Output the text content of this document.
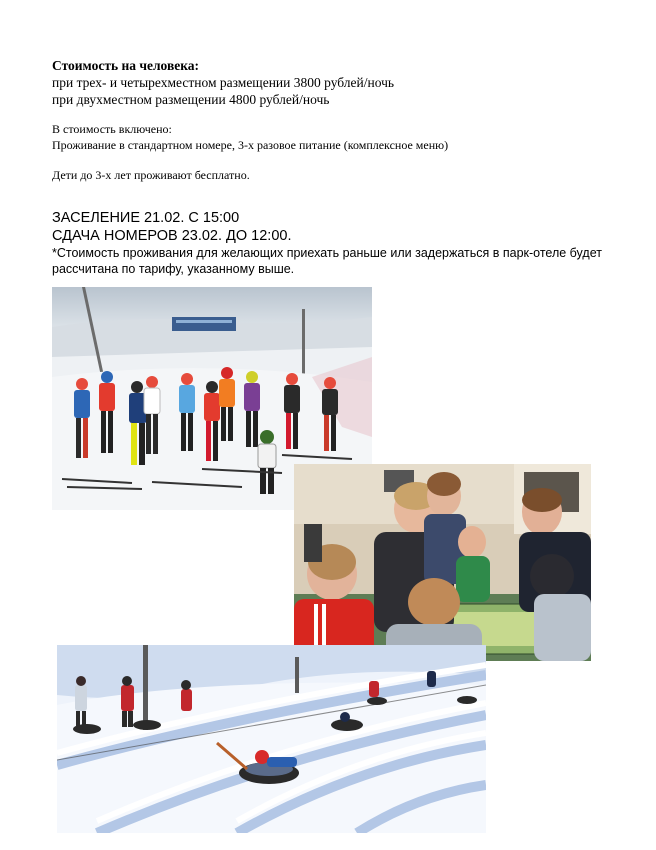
Стоимость на человека:
при трех- и четырехместном размещении 3800 рублей/ночь
при двухместном размещении 4800 рублей/ночь
В стоимость включено:
Проживание в стандартном номере, 3-х разовое питание (комплексное меню)
Дети до 3-х лет проживают бесплатно.
ЗАСЕЛЕНИЕ 21.02. С 15:00
СДАЧА НОМЕРОВ 23.02. ДО 12:00.
*Стоимость проживания для желающих приехать раньше или задержаться в парк-отеле будет рассчитана по тарифу, указанному выше.
